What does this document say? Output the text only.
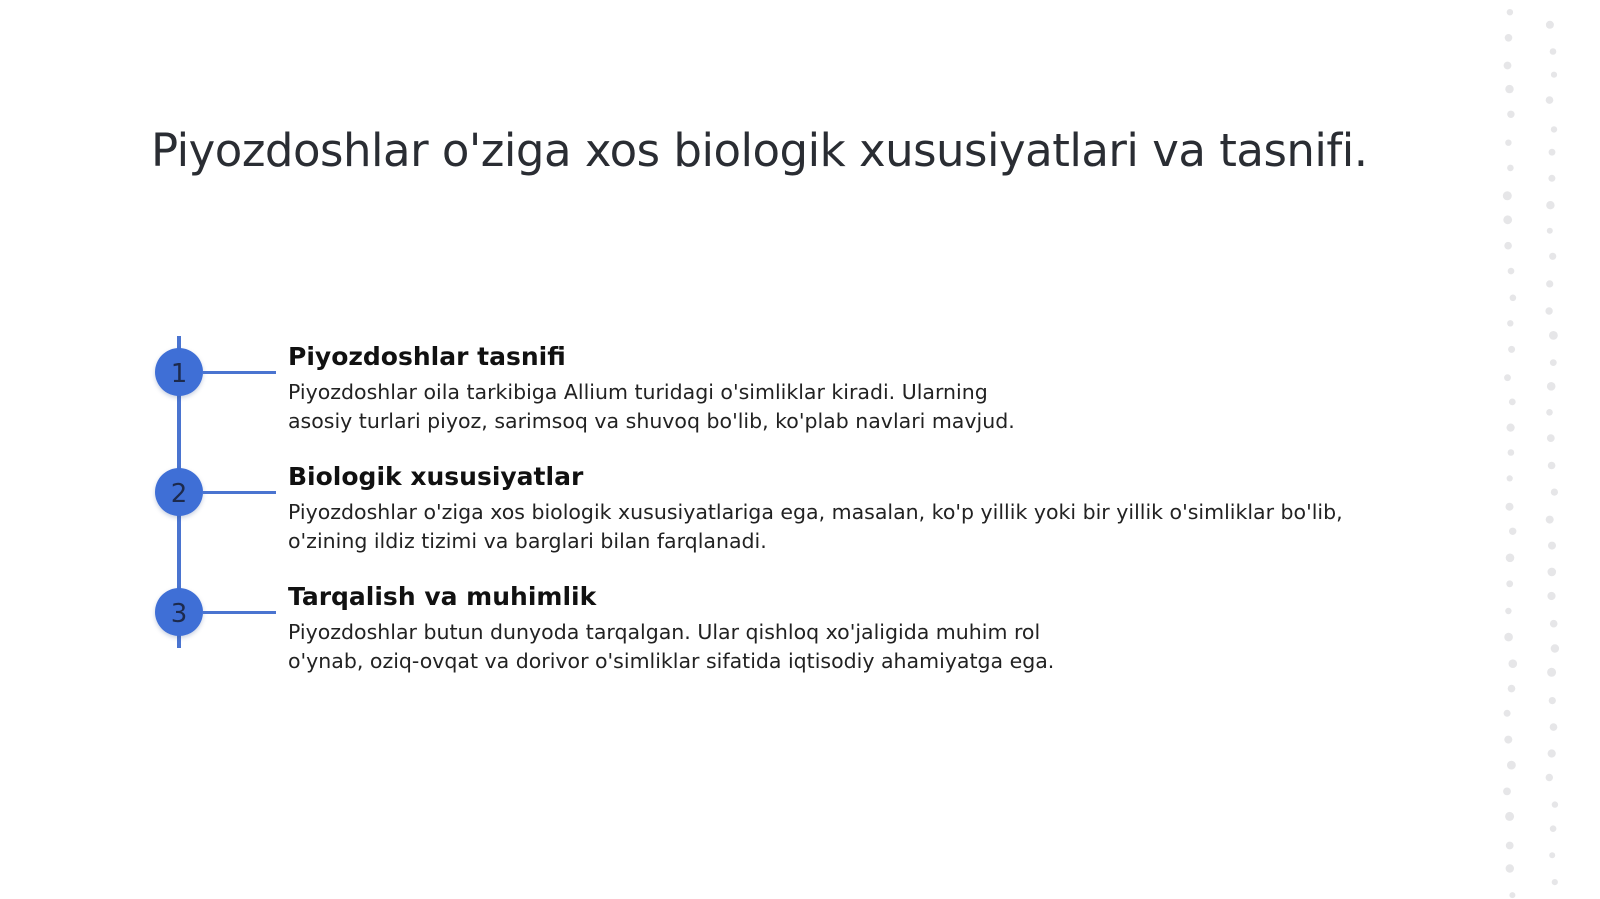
Piyozdoshlar o'ziga xos biologik xususiyatlari va tasnifi.
1
Piyozdoshlar tasnifi
Piyozdoshlar oila tarkibiga Allium turidagi o'simliklar kiradi. Ularning
asosiy turlari piyoz, sarimsoq va shuvoq bo'lib, ko'plab navlari mavjud.
2
Biologik xususiyatlar
Piyozdoshlar o'ziga xos biologik xususiyatlariga ega, masalan, ko'p yillik yoki bir yillik o'simliklar bo'lib,
o'zining ildiz tizimi va barglari bilan farqlanadi.
3
Tarqalish va muhimlik
Piyozdoshlar butun dunyoda tarqalgan. Ular qishloq xo'jaligida muhim rol
o'ynab, oziq-ovqat va dorivor o'simliklar sifatida iqtisodiy ahamiyatga ega.
